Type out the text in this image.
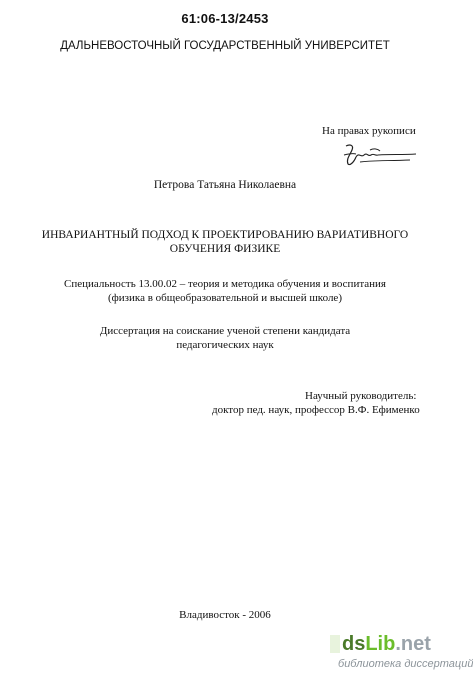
61:06-13/2453
ДАЛЬНЕВОСТОЧНЫЙ ГОСУДАРСТВЕННЫЙ УНИВЕРСИТЕТ
На правах рукописи
Петрова Татьяна Николаевна
ИНВАРИАНТНЫЙ ПОДХОД К ПРОЕКТИРОВАНИЮ ВАРИАТИВНОГО
ОБУЧЕНИЯ ФИЗИКЕ
Специальность 13.00.02 – теория и методика обучения и воспитания
(физика в общеобразовательной и высшей школе)
Диссертация на соискание ученой степени кандидата
педагогических наук
Научный руководитель:
доктор пед. наук, профессор В.Ф. Ефименко
Владивосток - 2006
dsLib.net
библиотека диссертаций
